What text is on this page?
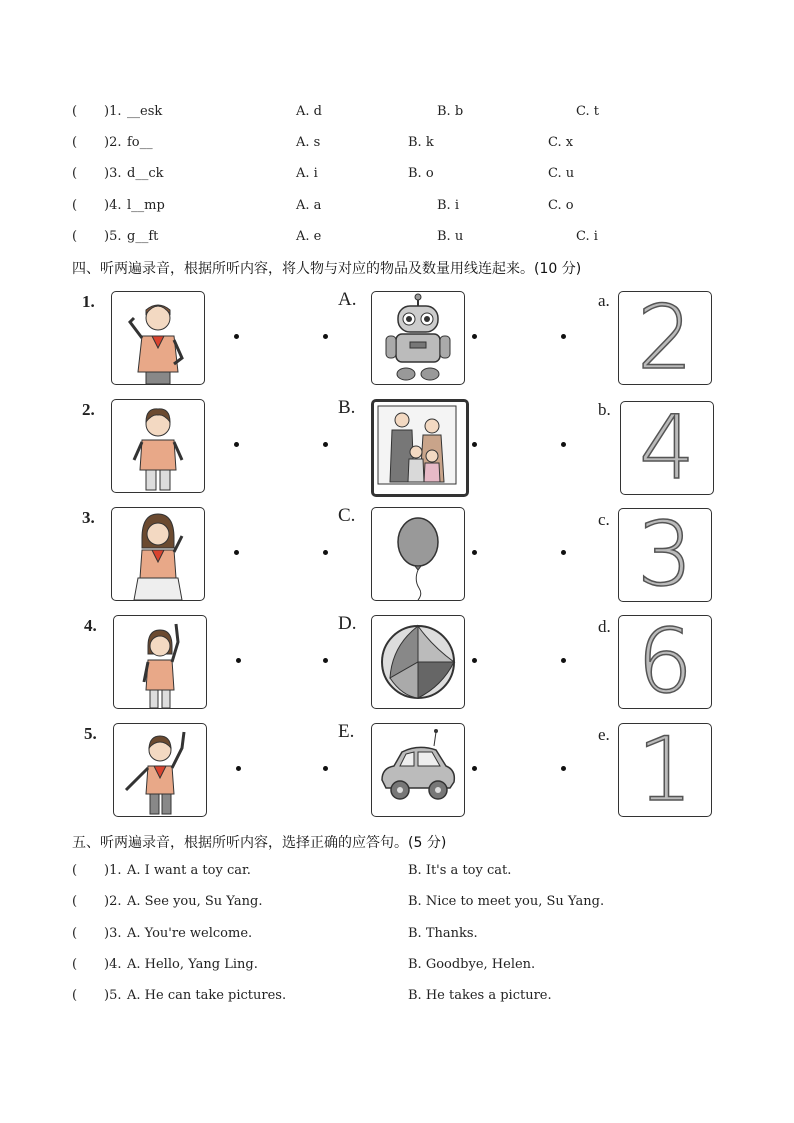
( )1. __esk	A. d	B. b	C. t
( )2. fo__	A. s	B. k	C. x
( )3. d__ck	A. i	B. o	C. u
( )4. l__mp	A. a	B. i	C. o
( )5. g__ft	A. e	B. u	C. i
四、听两遍录音，根据所听内容，将人物与对应的物品及数量用线连起来。(10 分)
1.	A.	a. 2
2.	B.	b. 4
3.	C.	c. 3
4.	D.	d. 6
5.	E.	e. 1
五、听两遍录音，根据所听内容，选择正确的应答句。(5 分)
( )1. A. I want a toy car.	B. It's a toy cat.
( )2. A. See you, Su Yang.	B. Nice to meet you, Su Yang.
( )3. A. You're welcome.	B. Thanks.
( )4. A. Hello, Yang Ling.	B. Goodbye, Helen.
( )5. A. He can take pictures.	B. He takes a picture.
